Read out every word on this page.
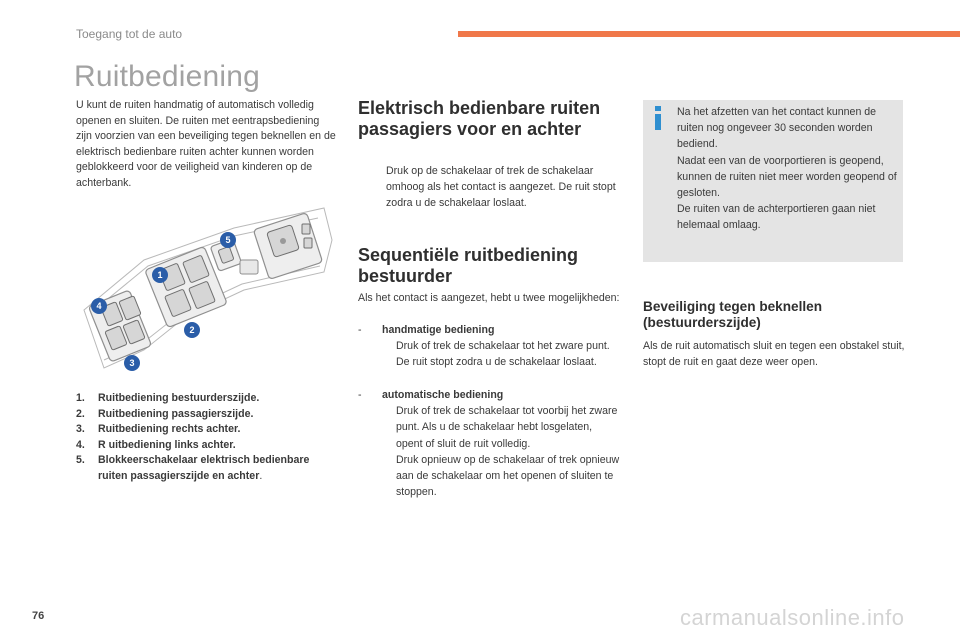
Toegang tot de auto
Ruitbediening
U kunt de ruiten handmatig of automatisch volledig openen en sluiten. De ruiten met eentrapsbediening zijn voorzien van een beveiliging tegen beknellen en de elektrisch bedienbare ruiten achter kunnen worden geblokkeerd voor de veiligheid van kinderen op de achterbank.
1
2
3
4
5
1.	Ruitbediening bestuurderszijde.
2.	Ruitbediening passagierszijde.
3.	Ruitbediening rechts achter.
4.	R uitbediening links achter.
5.	Blokkeerschakelaar elektrisch bedienbare ruiten passagierszijde en achter.
Elektrisch bedienbare ruiten passagiers voor en achter
Druk op de schakelaar of trek de schakelaar omhoog als het contact is aangezet. De ruit stopt zodra u de schakelaar loslaat.
Sequentiële ruitbediening bestuurder
Als het contact is aangezet, hebt u twee mogelijkheden:
-	handmatige bediening
Druk of trek de schakelaar tot het zware punt. De ruit stopt zodra u de schakelaar loslaat.
-	automatische bediening
Druk of trek de schakelaar tot voorbij het zware punt. Als u de schakelaar hebt losgelaten, opent of sluit de ruit volledig.
Druk opnieuw op de schakelaar of trek opnieuw aan de schakelaar om het openen of sluiten te stoppen.

Na het afzetten van het contact kunnen de ruiten nog ongeveer 30 seconden worden bediend.

Nadat een van de voorportieren is geopend, kunnen de ruiten niet meer worden geopend of gesloten.

De ruiten van de achterportieren gaan niet helemaal omlaag.

Beveiliging tegen beknellen (bestuurderszijde)
Als de ruit automatisch sluit en tegen een obstakel stuit, stopt de ruit en gaat deze weer open.
76	carmanualsonline.info
